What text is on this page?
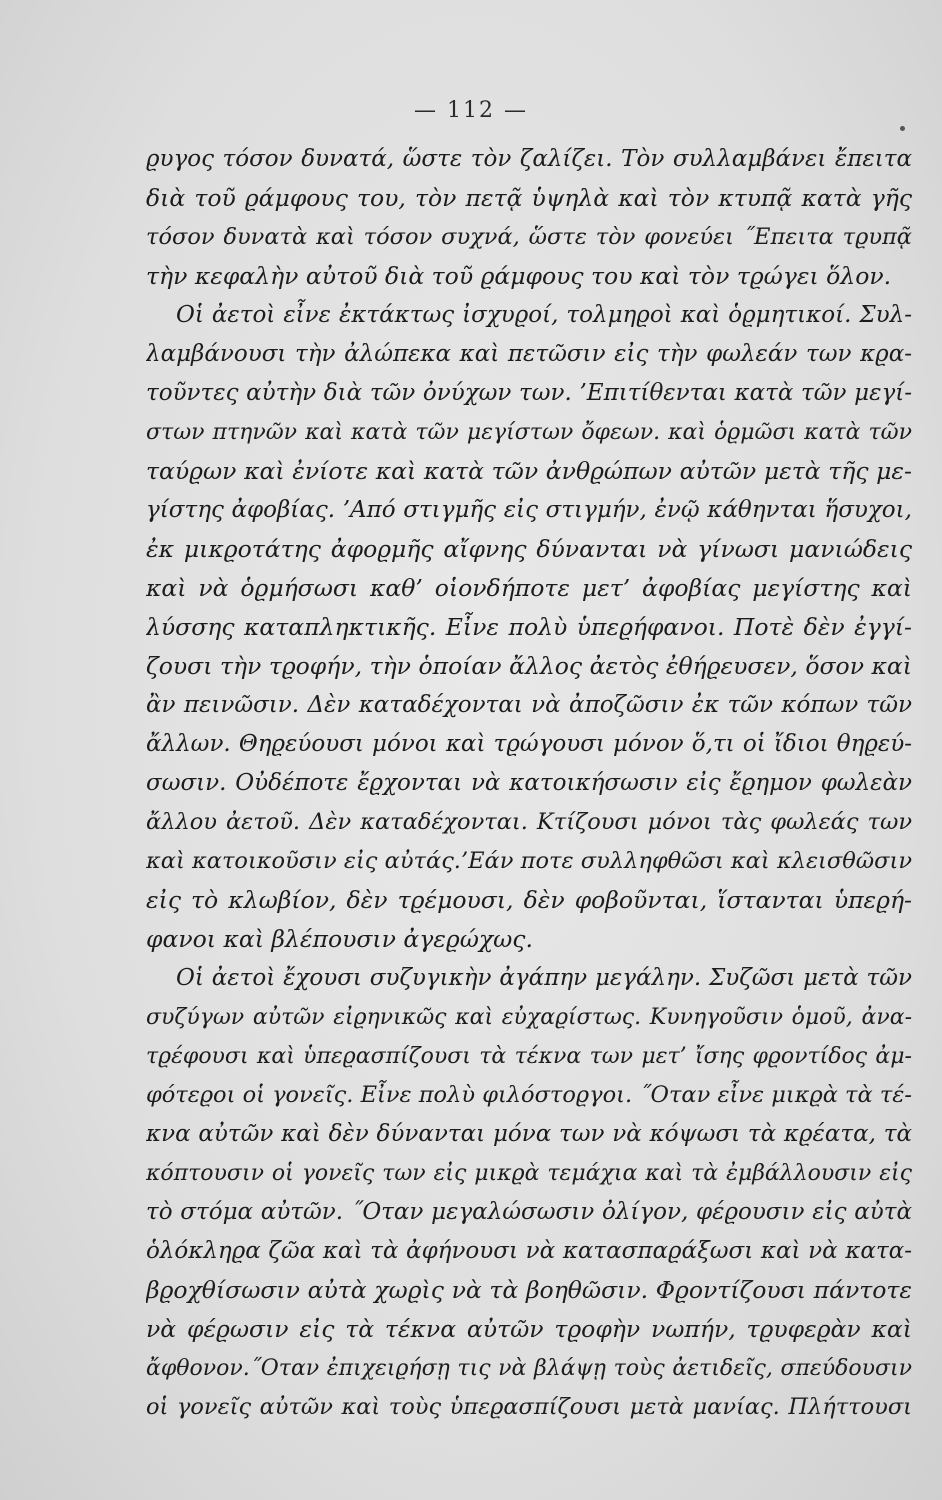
— 112 —
ϱυγος τόσον δυνατά, ὥστε τὸν ζαλίζει. Τὸν συλλαμβάνει ἔπειτα
διὰ τοῦ ϱάμφους του, τὸν πετᾷ ὑψηλὰ καὶ τὸν κτυπᾷ κατὰ γῆς
τόσον δυνατὰ καὶ τόσον συχνά, ὥστε τὸν φονεύει ˝Επειτα τϱυπᾷ
τὴν κεφαλὴν αὐτοῦ διὰ τοῦ ϱάμφους του καὶ τὸν τϱώγει ὅλον.
Οἱ ἀετοὶ εἶνε ἐκτάκτως ἰσχυϱοί, τολμηϱοὶ καὶ ὁϱμητικοί. Συλ-
λαμβάνουσι τὴν ἀλώπεκα καὶ πετῶσιν εἰς τὴν φωλεάν των κϱα-
τοῦντες αὐτὴν διὰ τῶν ὀνύχων των. ’Επιτίθενται κατὰ τῶν μεγί-
στων πτηνῶν καὶ κατὰ τῶν μεγίστων ὄφεων. καὶ ὁϱμῶσι κατὰ τῶν
ταύϱων καὶ ἐνίοτε καὶ κατὰ τῶν ἀνθϱώπων αὐτῶν μετὰ τῆς με-
γίστης ἀφοβίας. ’Από στιγμῆς εἰς στιγμήν, ἐνῷ κάθηνται ἥσυχοι,
ἐκ μικϱοτάτης ἀφοϱμῆς αἴφνης δύνανται νὰ γίνωσι μανιώδεις
καὶ νὰ ὁϱμήσωσι καθ’ οἱονδήποτε μετ’ ἀφοβίας μεγίστης καὶ
λύσσης καταπληκτικῆς. Εἶνε πολὺ ὑπεϱήφανοι. Ποτὲ δὲν ἐγγί-
ζουσι τὴν τϱοφήν, τὴν ὁποίαν ἄλλος ἀετὸς ἐθήϱευσεν, ὅσον καὶ
ἂν πεινῶσιν. Δὲν καταδέχονται νὰ ἀποζῶσιν ἐκ τῶν κόπων τῶν
ἄλλων. Θηϱεύουσι μόνοι καὶ τϱώγουσι μόνον ὅ,τι οἱ ἴδιοι θηϱεύ-
σωσιν. Οὐδέποτε ἔϱχονται νὰ κατοικήσωσιν εἰς ἔϱημον φωλεὰν
ἄλλου ἀετοῦ. Δὲν καταδέχονται. Κτίζουσι μόνοι τὰς φωλεάς των
καὶ κατοικοῦσιν εἰς αὐτάς.’Εάν ποτε συλληφθῶσι καὶ κλεισθῶσιν
εἰς τὸ κλωβίον, δὲν τϱέμουσι, δὲν φοβοῦνται, ἵστανται ὑπεϱή-
φανοι καὶ βλέπουσιν ἀγεϱώχως.
Οἱ ἀετοὶ ἔχουσι συζυγικὴν ἀγάπην μεγάλην. Συζῶσι μετὰ τῶν
συζύγων αὐτῶν εἰϱηνικῶς καὶ εὐχαϱίστως. Κυνηγοῦσιν ὁμοῦ, ἀνα-
τϱέφουσι καὶ ὑπεϱασπίζουσι τὰ τέκνα των μετ’ ἴσης φϱοντίδος ἀμ-
φότεϱοι οἱ γονεῖς. Εἶνε πολὺ φιλόστοϱγοι. ˝Οταν εἶνε μικϱὰ τὰ τέ-
κνα αὐτῶν καὶ δὲν δύνανται μόνα των νὰ κόψωσι τὰ κϱέατα, τὰ
κόπτουσιν οἱ γονεῖς των εἰς μικϱὰ τεμάχια καὶ τὰ ἐμβάλλουσιν εἰς
τὸ στόμα αὐτῶν. ˝Οταν μεγαλώσωσιν ὀλίγον, φέϱουσιν εἰς αὐτὰ
ὁλόκληϱα ζῶα καὶ τὰ ἀφήνουσι νὰ κατασπαϱάξωσι καὶ νὰ κατα-
βϱοχθίσωσιν αὐτὰ χωϱὶς νὰ τὰ βοηθῶσιν. Φϱοντίζουσι πάντοτε
νὰ φέϱωσιν εἰς τὰ τέκνα αὐτῶν τϱοφὴν νωπήν, τϱυφεϱὰν καὶ
ἄφθονον.˝Οταν ἐπιχειϱήσῃ τις νὰ βλάψῃ τοὺς ἀετιδεῖς, σπεύδουσιν
οἱ γονεῖς αὐτῶν καὶ τοὺς ὑπεϱασπίζουσι μετὰ μανίας. Πλήττουσι
